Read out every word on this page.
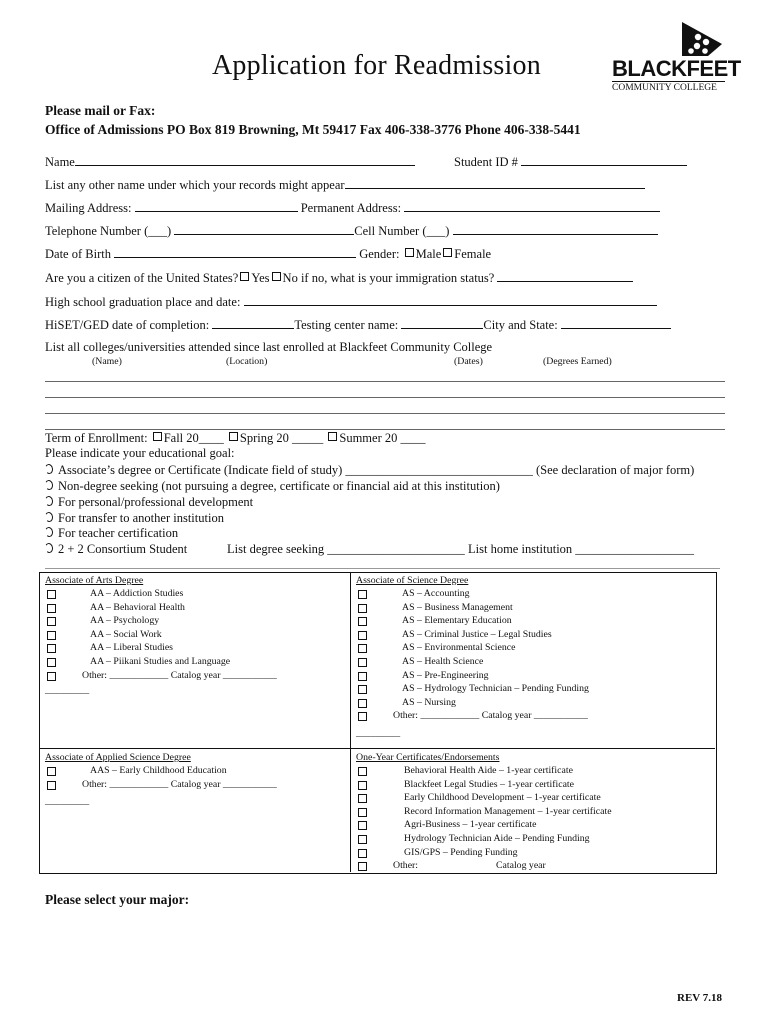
Application for Readmission	BLACKFEET
COMMUNITY COLLEGE
Please mail or Fax:
Office of Admissions PO Box 819 Browning, Mt 59417 Fax 406-338-3776 Phone 406-338-5441
Name	Student ID #
List any other name under which your records might appear
Mailing Address:	Permanent Address:
Telephone Number (___)	Cell Number (___)
Date of Birth	Gender: Male Female
Are you a citizen of the United States? Yes No if no, what is your immigration status?
High school graduation place and date:
HiSET/GED date of completion:	Testing center name:	City and State:
List all colleges/universities attended since last enrolled at Blackfeet Community College
(Name)	(Location)	(Dates)	(Degrees Earned)
Term of Enrollment: Fall 20____ Spring 20 _____ Summer 20 ____
Please indicate your educational goal:
Associate’s degree or Certificate (Indicate field of study) ______________________________ (See declaration of major form)
Non-degree seeking (not pursuing a degree, certificate or financial aid at this institution)
For personal/professional development
For transfer to another institution
For teacher certification
2 + 2 Consortium Student	List degree seeking ______________________ List home institution ___________________
Associate of Arts Degree
AA – Addiction Studies
AA – Behavioral Health
AA – Psychology
AA – Social Work
AA – Liberal Studies
AA – Piikani Studies and Language
Other: ____________ Catalog year ___________
_________
Associate of Science Degree
AS – Accounting
AS – Business Management
AS – Elementary Education
AS – Criminal Justice – Legal Studies
AS – Environmental Science
AS – Health Science
AS – Pre-Engineering
AS – Hydrology Technician – Pending Funding
AS – Nursing
Other: ____________ Catalog year ___________
_________
Associate of Applied Science Degree
AAS – Early Childhood Education
Other: ____________ Catalog year ___________
_________
One-Year Certificates/Endorsements
Behavioral Health Aide – 1-year certificate
Blackfeet Legal Studies – 1-year certificate
Early Childhood Development – 1-year certificate
Record Information Management – 1-year certificate
Agri-Business – 1-year certificate
Hydrology Technician Aide – Pending Funding
GIS/GPS – Pending Funding
Other:	Catalog year
Please select your major:
REV 7.18
